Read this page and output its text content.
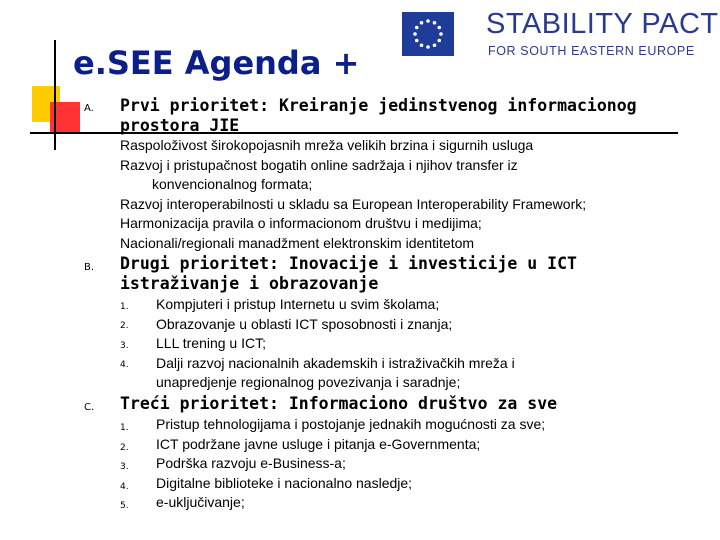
e.SEE Agenda +
STABILITY PACT
FOR SOUTH EASTERN EUROPE
A. Prvi prioritet: Kreiranje jedinstvenog informacionog
prostora JIE
Raspoloživost širokopojasnih mreža velikih brzina i sigurnih usluga
Razvoj i pristupačnost bogatih online sadržaja i njihov transfer iz
konvencionalnog formata;
Razvoj interoperabilnosti u skladu sa European Interoperability Framework;
Harmonizacija pravila o informacionom društvu i medijima;
Nacionali/regionali manadžment elektronskim identitetom
B. Drugi prioritet: Inovacije i investicije u ICT
istraživanje i obrazovanje
1.
2.
3.
4.
Kompjuteri i pristup Internetu u svim školama;
Obrazovanje u oblasti ICT sposobnosti i znanja;
LLL trening u ICT;
Dalji razvoj nacionalnih akademskih i istraživačkih mreža i
unapredjenje regionalnog povezivanja i saradnje;
C. Treći prioritet: Informaciono društvo za sve
1.
2.
3.
4.
5.
Pristup tehnologijama i postojanje jednakih mogućnosti za sve;
ICT podržane javne usluge i pitanja e-Governmenta;
Podrška razvoju e-Business-a;
Digitalne biblioteke i nacionalno nasledje;
e-uključivanje;
